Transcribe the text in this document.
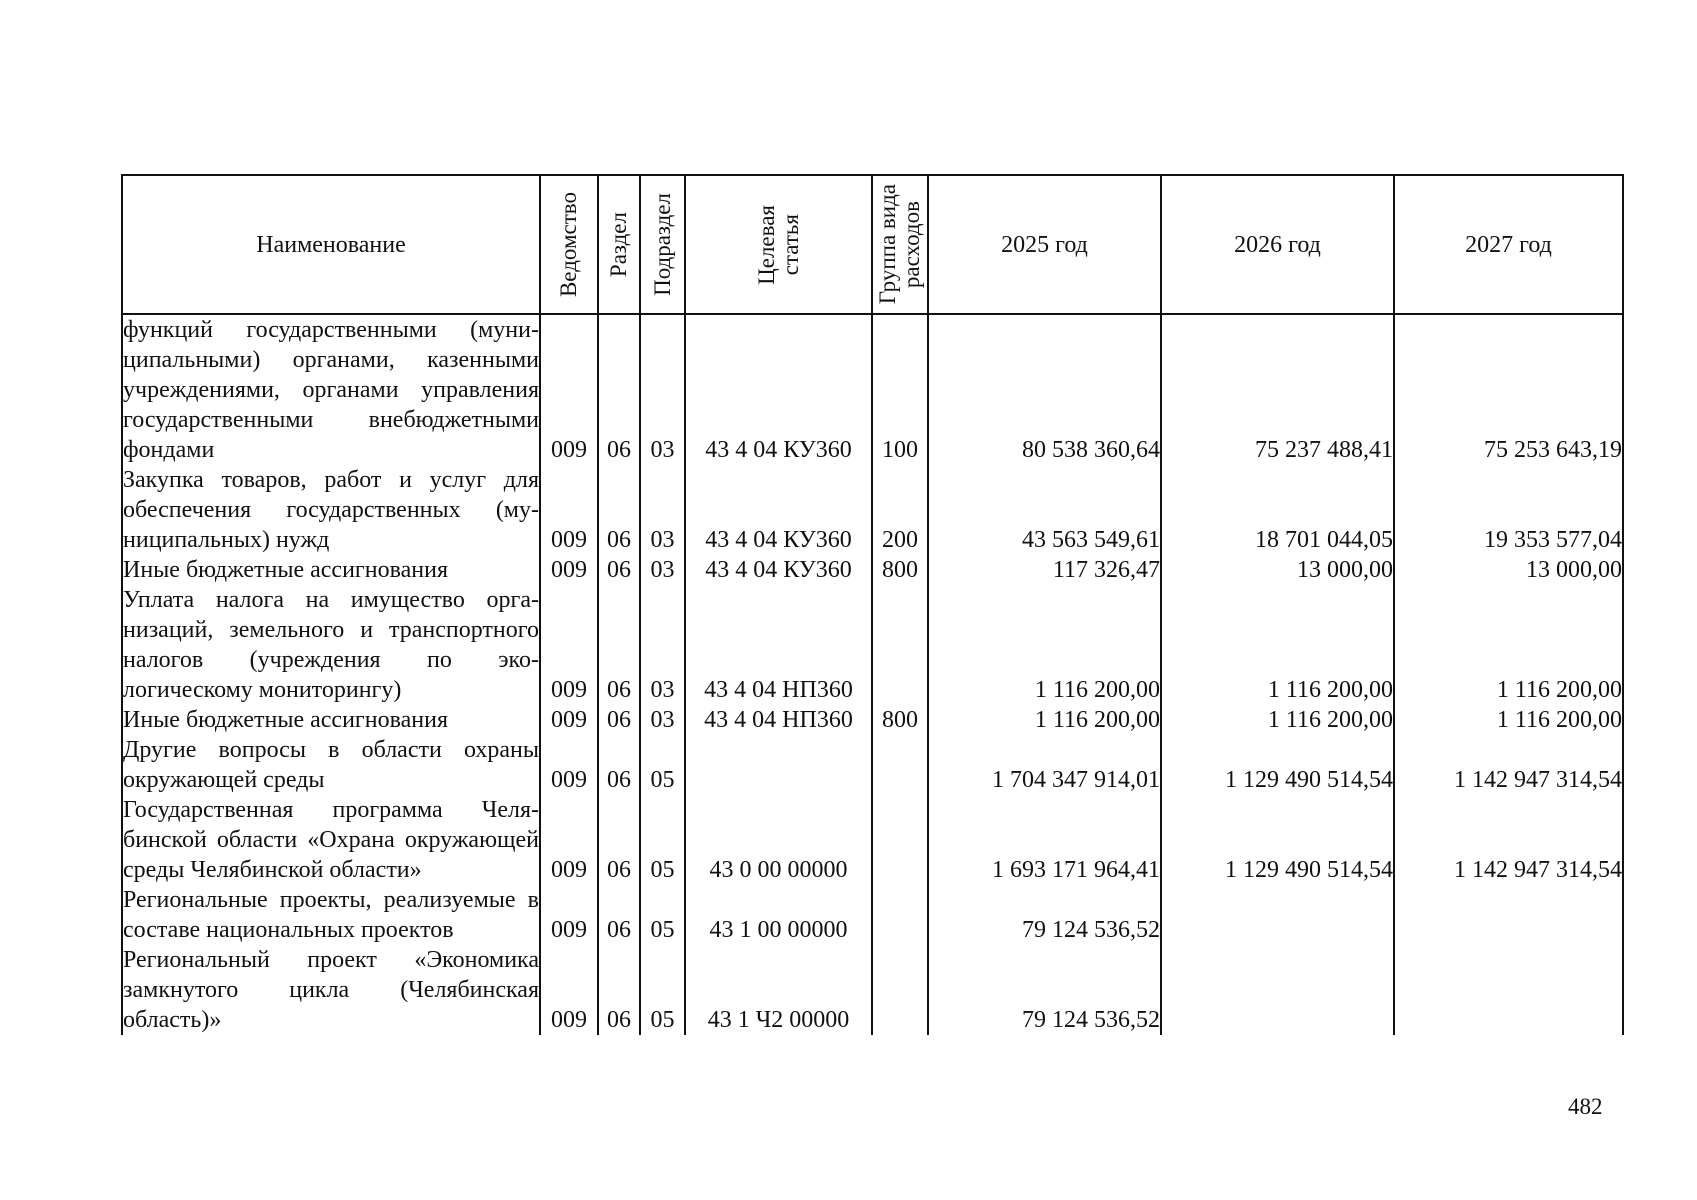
Наименование	Ведомство	Раздел	Подраздел	Целевая статья	Группа вида расходов	2025 год	2026 год	2027 год
функций государственными (муниципальными) органами, казенными учреждениями, органами управления государственными внебюджетными фондами	009	06	03	43 4 04 КУ360	100	80 538 360,64	75 237 488,41	75 253 643,19
Закупка товаров, работ и услуг для обеспечения государственных (муниципальных) нужд	009	06	03	43 4 04 КУ360	200	43 563 549,61	18 701 044,05	19 353 577,04
Иные бюджетные ассигнования	009	06	03	43 4 04 КУ360	800	117 326,47	13 000,00	13 000,00
Уплата налога на имущество организаций, земельного и транспортного налогов (учреждения по экологическому мониторингу)	009	06	03	43 4 04 НП360		1 116 200,00	1 116 200,00	1 116 200,00
Иные бюджетные ассигнования	009	06	03	43 4 04 НП360	800	1 116 200,00	1 116 200,00	1 116 200,00
Другие вопросы в области охраны окружающей среды	009	06	05			1 704 347 914,01	1 129 490 514,54	1 142 947 314,54
Государственная программа Челябинской области «Охрана окружающей среды Челябинской области»	009	06	05	43 0 00 00000		1 693 171 964,41	1 129 490 514,54	1 142 947 314,54
Региональные проекты, реализуемые в составе национальных проектов	009	06	05	43 1 00 00000		79 124 536,52		
Региональный проект «Экономика замкнутого цикла (Челябинская область)»	009	06	05	43 1 Ч2 00000		79 124 536,52		
482
